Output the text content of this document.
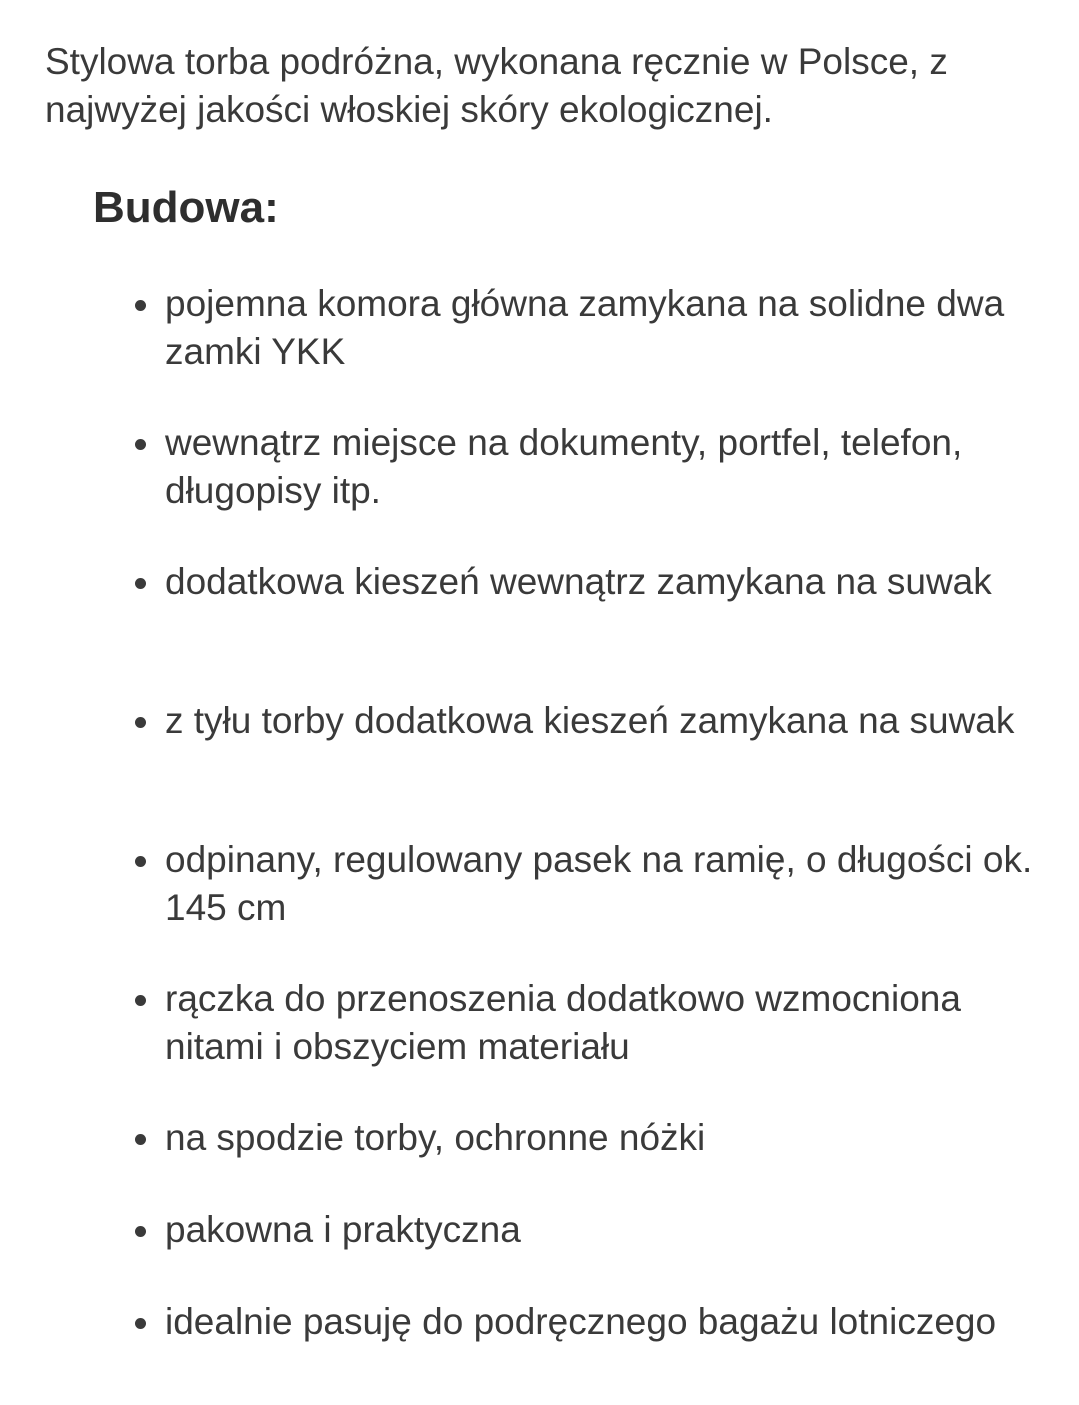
Stylowa torba podróżna, wykonana ręcznie w Polsce, z najwyżej jakości włoskiej skóry ekologicznej.

Budowa:
pojemna komora główna zamykana na solidne dwa zamki YKK
wewnątrz miejsce na dokumenty, portfel, telefon, długopisy itp.
dodatkowa kieszeń wewnątrz zamykana na suwak
z tyłu torby dodatkowa kieszeń zamykana na suwak
odpinany, regulowany pasek na ramię, o długości ok. 145 cm
rączka do przenoszenia dodatkowo wzmocniona nitami i obszyciem materiału
na spodzie torby, ochronne nóżki
pakowna i praktyczna
idealnie pasuję do podręcznego bagażu lotniczego
